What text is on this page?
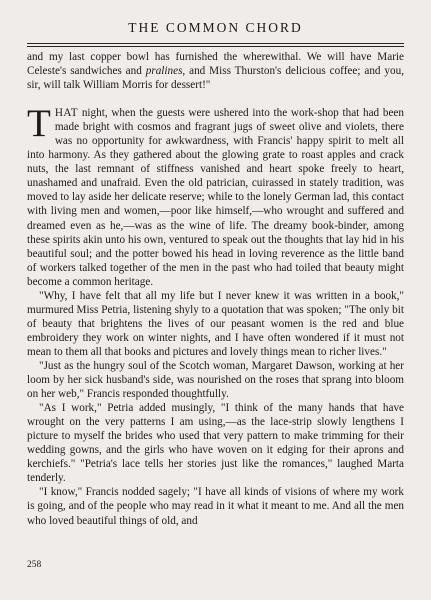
THE COMMON CHORD

and my last copper bowl has furnished the wherewithal. We will have Marie Celeste's sandwiches and pralines, and Miss Thurston's delicious coffee; and you, sir, will talk William Morris for dessert!"

THAT night, when the guests were ushered into the work-shop that had been made bright with cosmos and fragrant jugs of sweet olive and violets, there was no opportunity for awkwardness, with Francis' happy spirit to melt all into harmony. As they gathered about the glowing grate to roast apples and crack nuts, the last remnant of stiffness vanished and heart spoke freely to heart, unashamed and unafraid. Even the old patrician, cuirassed in stately tradition, was moved to lay aside her delicate reserve; while to the lonely German lad, this contact with living men and women,—poor like himself,—who wrought and suffered and dreamed even as he,—was as the wine of life. The dreamy book-binder, among these spirits akin unto his own, ventured to speak out the thoughts that lay hid in his beautiful soul; and the potter bowed his head in loving reverence as the little band of workers talked together of the men in the past who had toiled that beauty might become a common heritage.

"Why, I have felt that all my life but I never knew it was written in a book," murmured Miss Petria, listening shyly to a quotation that was spoken; "The only bit of beauty that brightens the lives of our peasant women is the red and blue embroidery they work on winter nights, and I have often wondered if it must not mean to them all that books and pictures and lovely things mean to richer lives."

"Just as the hungry soul of the Scotch woman, Margaret Dawson, working at her loom by her sick husband's side, was nourished on the roses that sprang into bloom on her web," Francis responded thoughtfully.

"As I work," Petria added musingly, "I think of the many hands that have wrought on the very patterns I am using,—as the lace-strip slowly lengthens I picture to myself the brides who used that very pattern to make trimming for their wedding gowns, and the girls who have woven on it edging for their aprons and kerchiefs." "Petria's lace tells her stories just like the romances," laughed Marta tenderly.

"I know," Francis nodded sagely; "I have all kinds of visions of where my work is going, and of the people who may read in it what it meant to me. And all the men who loved beautiful things of old, and

258
